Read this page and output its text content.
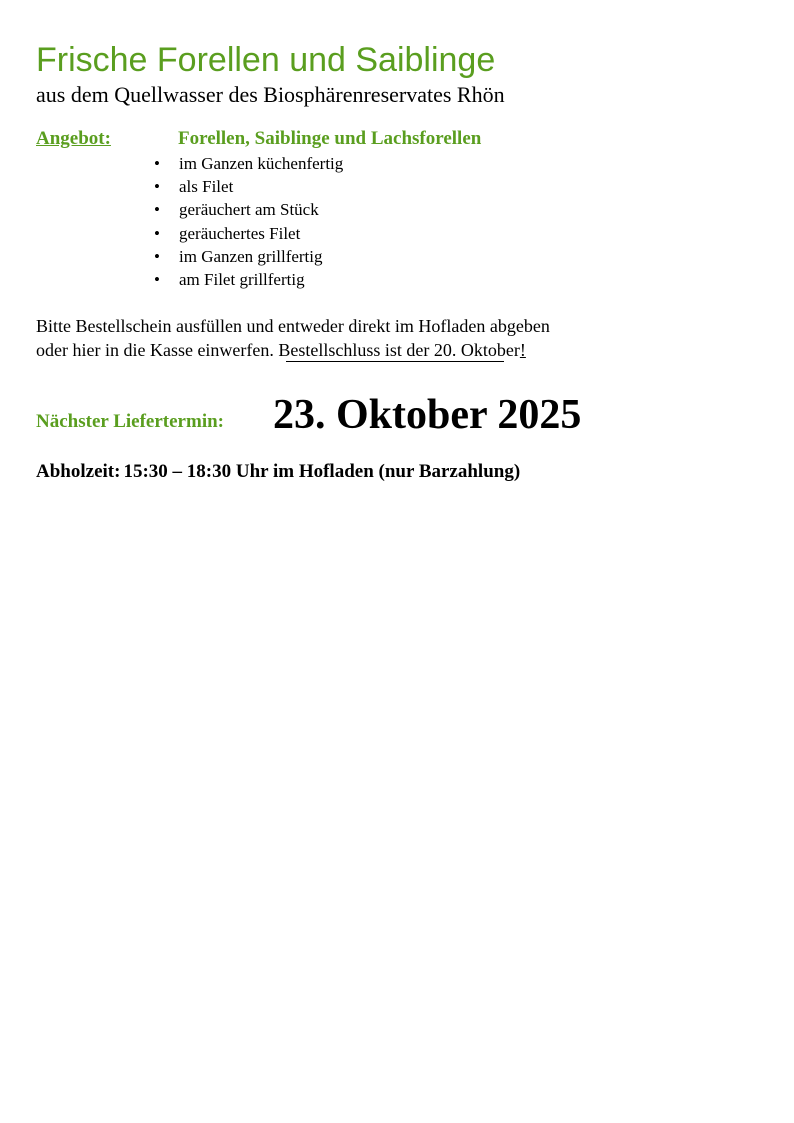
Frische Forellen und Saiblinge
aus dem Quellwasser des Biosphärenreservates Rhön
Angebot:	Forellen, Saiblinge und Lachsforellen
• im Ganzen küchenfertig
• als Filet
• geräuchert am Stück
• geräuchertes Filet
• im Ganzen grillfertig
• am Filet grillfertig
Bitte Bestellschein ausfüllen und entweder direkt im Hofladen abgeben
oder hier in die Kasse einwerfen. Bestellschluss ist der 20. Oktober!
Nächster Liefertermin: 23. Oktober 2025
Abholzeit: 15:30 – 18:30 Uhr im Hofladen (nur Barzahlung)
